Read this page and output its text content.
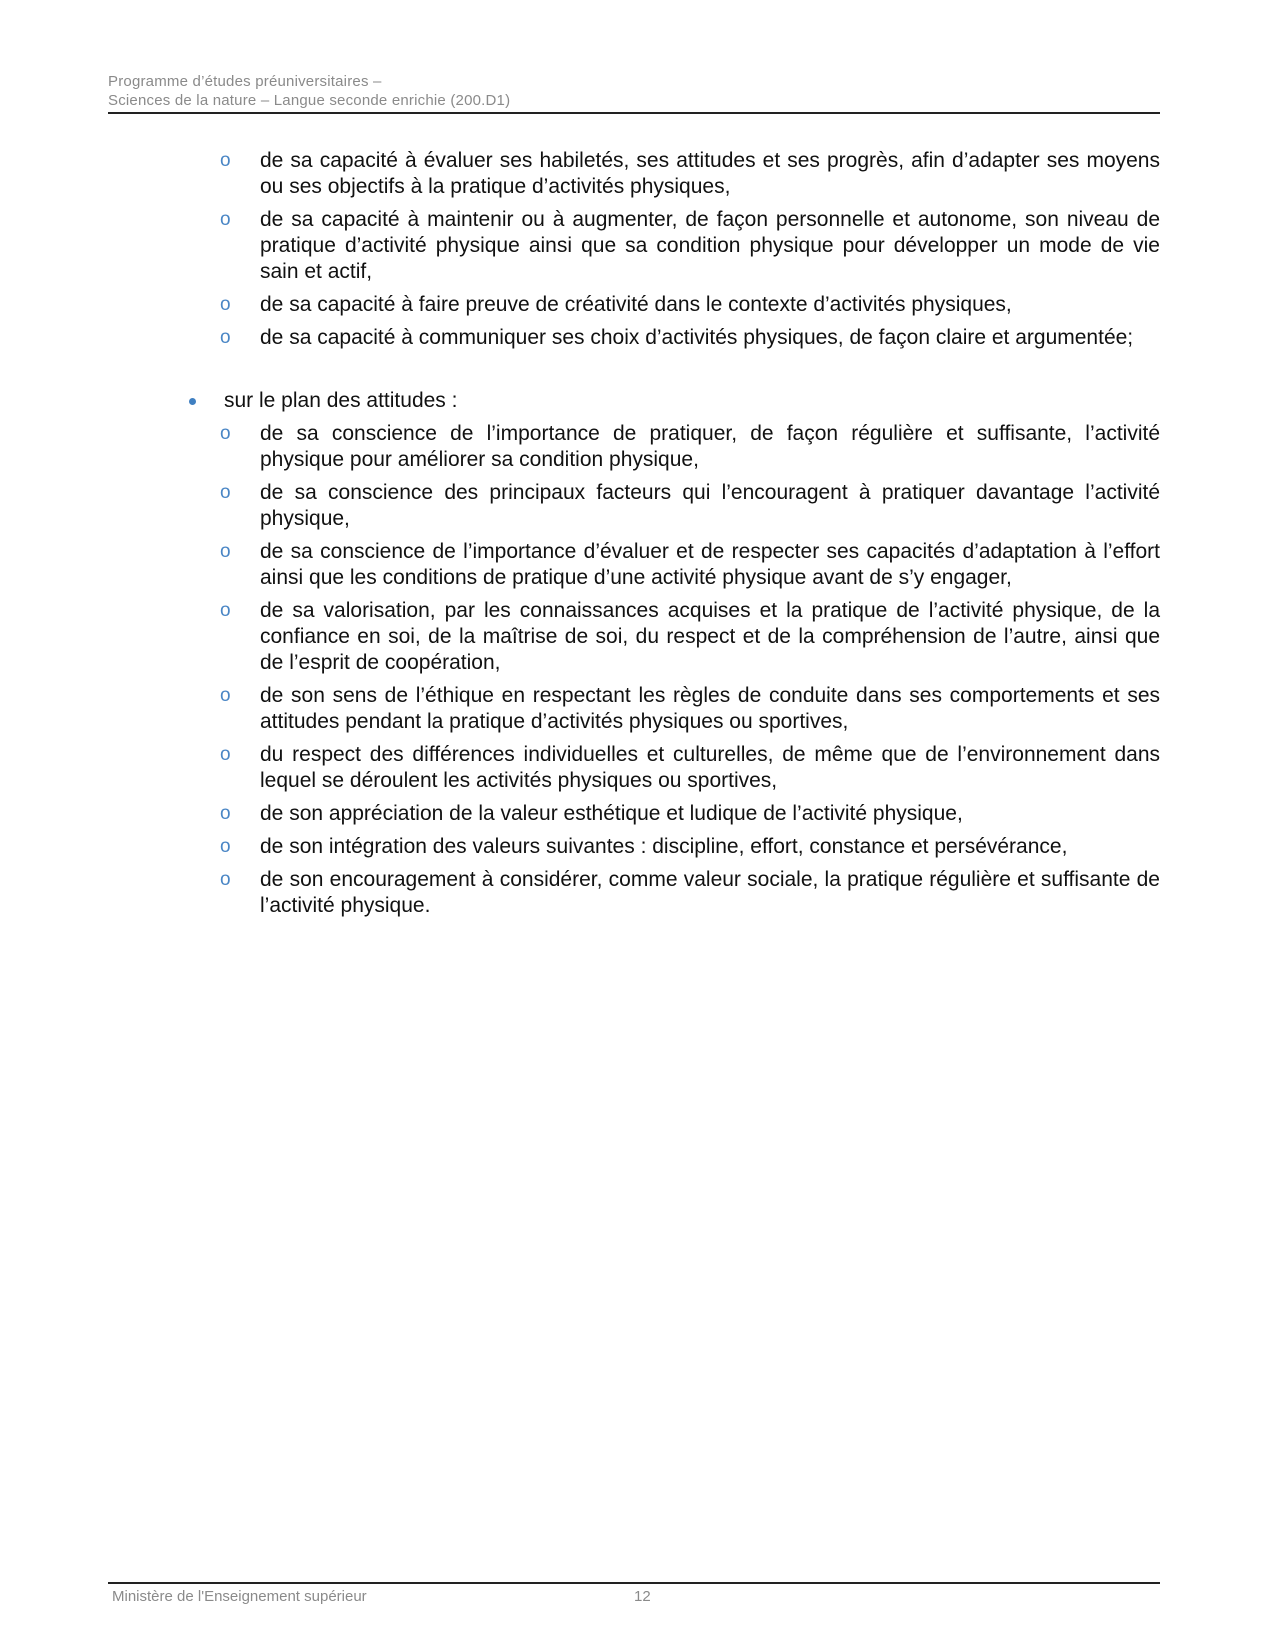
Programme d’études préuniversitaires –
Sciences de la nature – Langue seconde enrichie (200.D1)
o de sa capacité à évaluer ses habiletés, ses attitudes et ses progrès, afin d’adapter ses moyens ou ses objectifs à la pratique d’activités physiques,
o de sa capacité à maintenir ou à augmenter, de façon personnelle et autonome, son niveau de pratique d’activité physique ainsi que sa condition physique pour développer un mode de vie sain et actif,
o de sa capacité à faire preuve de créativité dans le contexte d’activités physiques,
o de sa capacité à communiquer ses choix d’activités physiques, de façon claire et argumentée;
sur le plan des attitudes :
o de sa conscience de l’importance de pratiquer, de façon régulière et suffisante, l’activité physique pour améliorer sa condition physique,
o de sa conscience des principaux facteurs qui l’encouragent à pratiquer davantage l’activité physique,
o de sa conscience de l’importance d’évaluer et de respecter ses capacités d’adaptation à l’effort ainsi que les conditions de pratique d’une activité physique avant de s’y engager,
o de sa valorisation, par les connaissances acquises et la pratique de l’activité physique, de la confiance en soi, de la maîtrise de soi, du respect et de la compréhension de l’autre, ainsi que de l’esprit de coopération,
o de son sens de l’éthique en respectant les règles de conduite dans ses comportements et ses attitudes pendant la pratique d’activités physiques ou sportives,
o du respect des différences individuelles et culturelles, de même que de l’environnement dans lequel se déroulent les activités physiques ou sportives,
o de son appréciation de la valeur esthétique et ludique de l’activité physique,
o de son intégration des valeurs suivantes : discipline, effort, constance et persévérance,
o de son encouragement à considérer, comme valeur sociale, la pratique régulière et suffisante de l’activité physique.
Ministère de l'Enseignement supérieur	12
